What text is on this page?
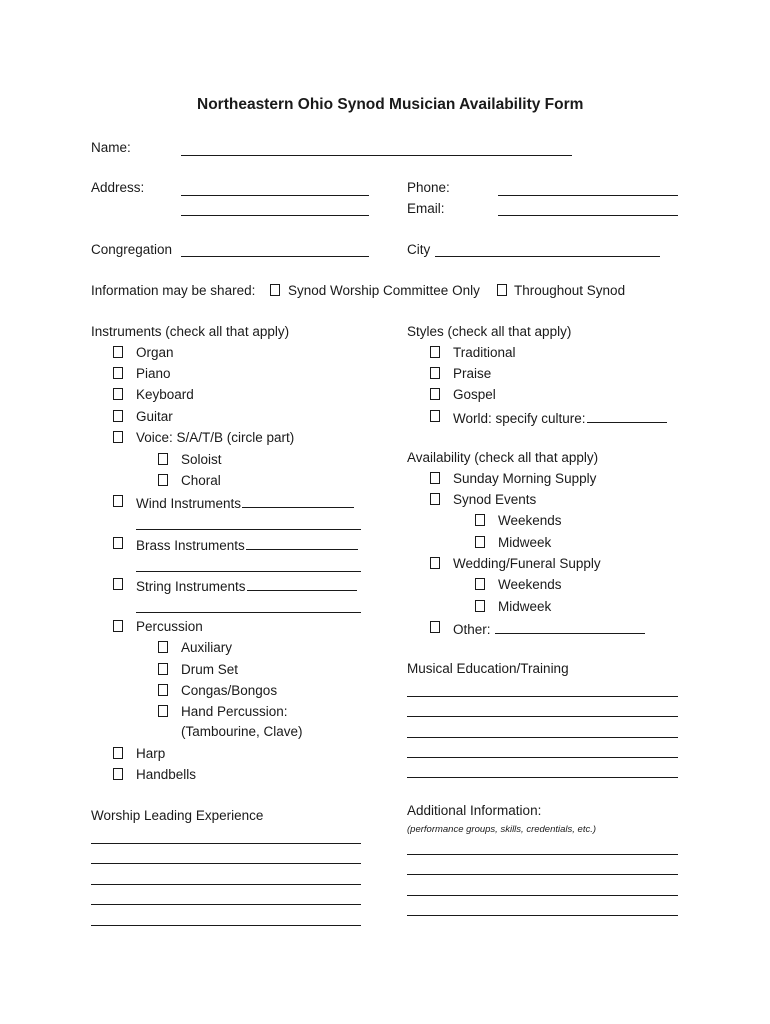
Northeastern Ohio Synod Musician Availability Form
Name:
Address:	Phone:
Email:
Congregation	City
Information may be shared: Synod Worship Committee Only	Throughout Synod
Instruments (check all that apply)
Organ
Piano
Keyboard
Guitar
Voice: S/A/T/B (circle part)
Soloist
Choral
Wind Instruments
Brass Instruments
String Instruments
Percussion
Auxiliary
Drum Set
Congas/Bongos
Hand Percussion:
(Tambourine, Clave)
Harp
Handbells
Worship Leading Experience
Styles (check all that apply)
Traditional
Praise
Gospel
World: specify culture:
Availability (check all that apply)
Sunday Morning Supply
Synod Events
Weekends
Midweek
Wedding/Funeral Supply
Weekends
Midweek
Other:
Musical Education/Training
Additional Information:
(performance groups, skills, credentials, etc.)
